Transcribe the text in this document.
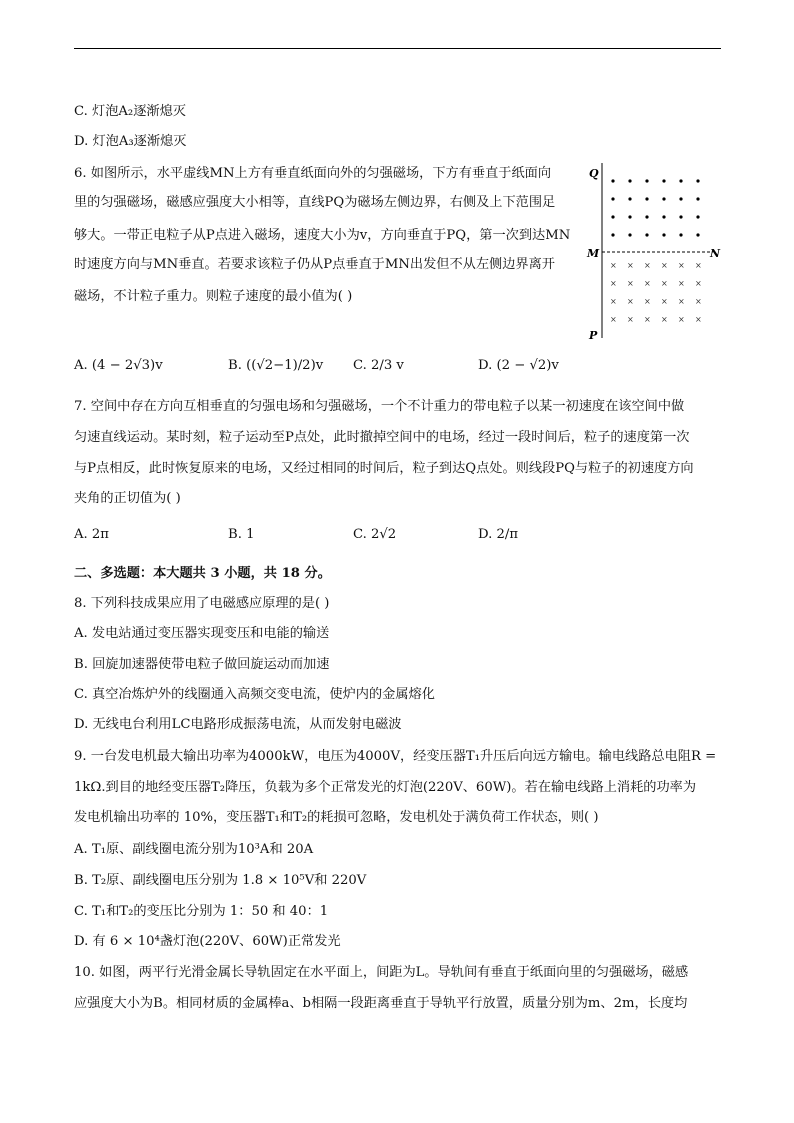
C. 灯泡A₂逐渐熄灭
D. 灯泡A₃逐渐熄灭
6. 如图所示，水平虚线MN上方有垂直纸面向外的匀强磁场，下方有垂直于纸面向
里的匀强磁场，磁感应强度大小相等，直线PQ为磁场左侧边界，右侧及上下范围足
够大。一带正电粒子从P点进入磁场，速度大小为v，方向垂直于PQ，第一次到达MN
时速度方向与MN垂直。若要求该粒子仍从P点垂直于MN出发但不从左侧边界离开
磁场，不计粒子重力。则粒子速度的最小值为( )
Q
M	N
P
× × × × × ×
× × × × × ×
× × × × × ×
× × × × × ×
A. (4 − 2√3)v	B. ((√2−1)/2)v C. 2/3 v	D. (2 − √2)v
7. 空间中存在方向互相垂直的匀强电场和匀强磁场，一个不计重力的带电粒子以某一初速度在该空间中做
匀速直线运动。某时刻，粒子运动至P点处，此时撤掉空间中的电场，经过一段时间后，粒子的速度第一次
与P点相反，此时恢复原来的电场，又经过相同的时间后，粒子到达Q点处。则线段PQ与粒子的初速度方向
夹角的正切值为( )
A. 2π	B. 1	C. 2√2	D. 2/π
二、多选题：本大题共 3 小题，共 18 分。
8. 下列科技成果应用了电磁感应原理的是( )
A. 发电站通过变压器实现变压和电能的输送
B. 回旋加速器使带电粒子做回旋运动而加速
C. 真空冶炼炉外的线圈通入高频交变电流，使炉内的金属熔化
D. 无线电台利用LC电路形成振荡电流，从而发射电磁波
9. 一台发电机最大输出功率为4000kW，电压为4000V，经变压器T₁升压后向远方输电。输电线路总电阻R =
1kΩ.到目的地经变压器T₂降压，负载为多个正常发光的灯泡(220V、60W)。若在输电线路上消耗的功率为
发电机输出功率的 10%，变压器T₁和T₂的耗损可忽略，发电机处于满负荷工作状态，则( )
A. T₁原、副线圈电流分别为10³A和 20A
B. T₂原、副线圈电压分别为 1.8 × 10⁵V和 220V
C. T₁和T₂的变压比分别为 1：50 和 40：1
D. 有 6 × 10⁴盏灯泡(220V、60W)正常发光
10. 如图，两平行光滑金属长导轨固定在水平面上，间距为L。导轨间有垂直于纸面向里的匀强磁场，磁感
应强度大小为B。相同材质的金属棒a、b相隔一段距离垂直于导轨平行放置，质量分别为m、2m，长度均
